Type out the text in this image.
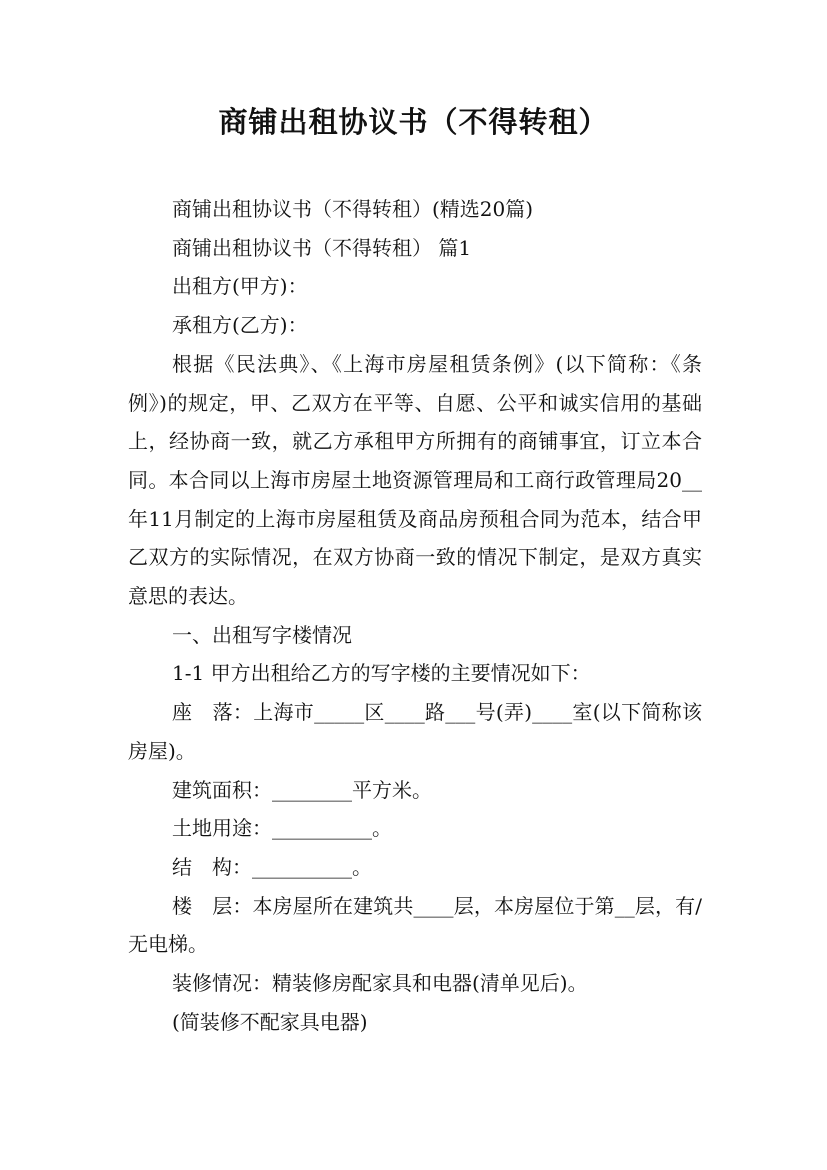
商铺出租协议书（不得转租）

商铺出租协议书（不得转租）(精选20篇)

商铺出租协议书（不得转租） 篇1

出租方(甲方)：

承租方(乙方)：

根据《民法典》、《上海市房屋租赁条例》(以下简称：《条例》)的规定，甲、乙双方在平等、自愿、公平和诚实信用的基础上，经协商一致，就乙方承租甲方所拥有的商铺事宜，订立本合同。本合同以上海市房屋土地资源管理局和工商行政管理局20__年11月制定的上海市房屋租赁及商品房预租合同为范本，结合甲乙双方的实际情况，在双方协商一致的情况下制定，是双方真实意思的表达。

一、出租写字楼情况

1-1 甲方出租给乙方的写字楼的主要情况如下：

座　落：上海市_____区____路___号(弄)____室(以下简称该房屋)。

建筑面积：________平方米。

土地用途：__________。

结　构：__________。

楼　层：本房屋所在建筑共____层，本房屋位于第__层，有/无电梯。

装修情况：精装修房配家具和电器(清单见后)。

(简装修不配家具电器)
